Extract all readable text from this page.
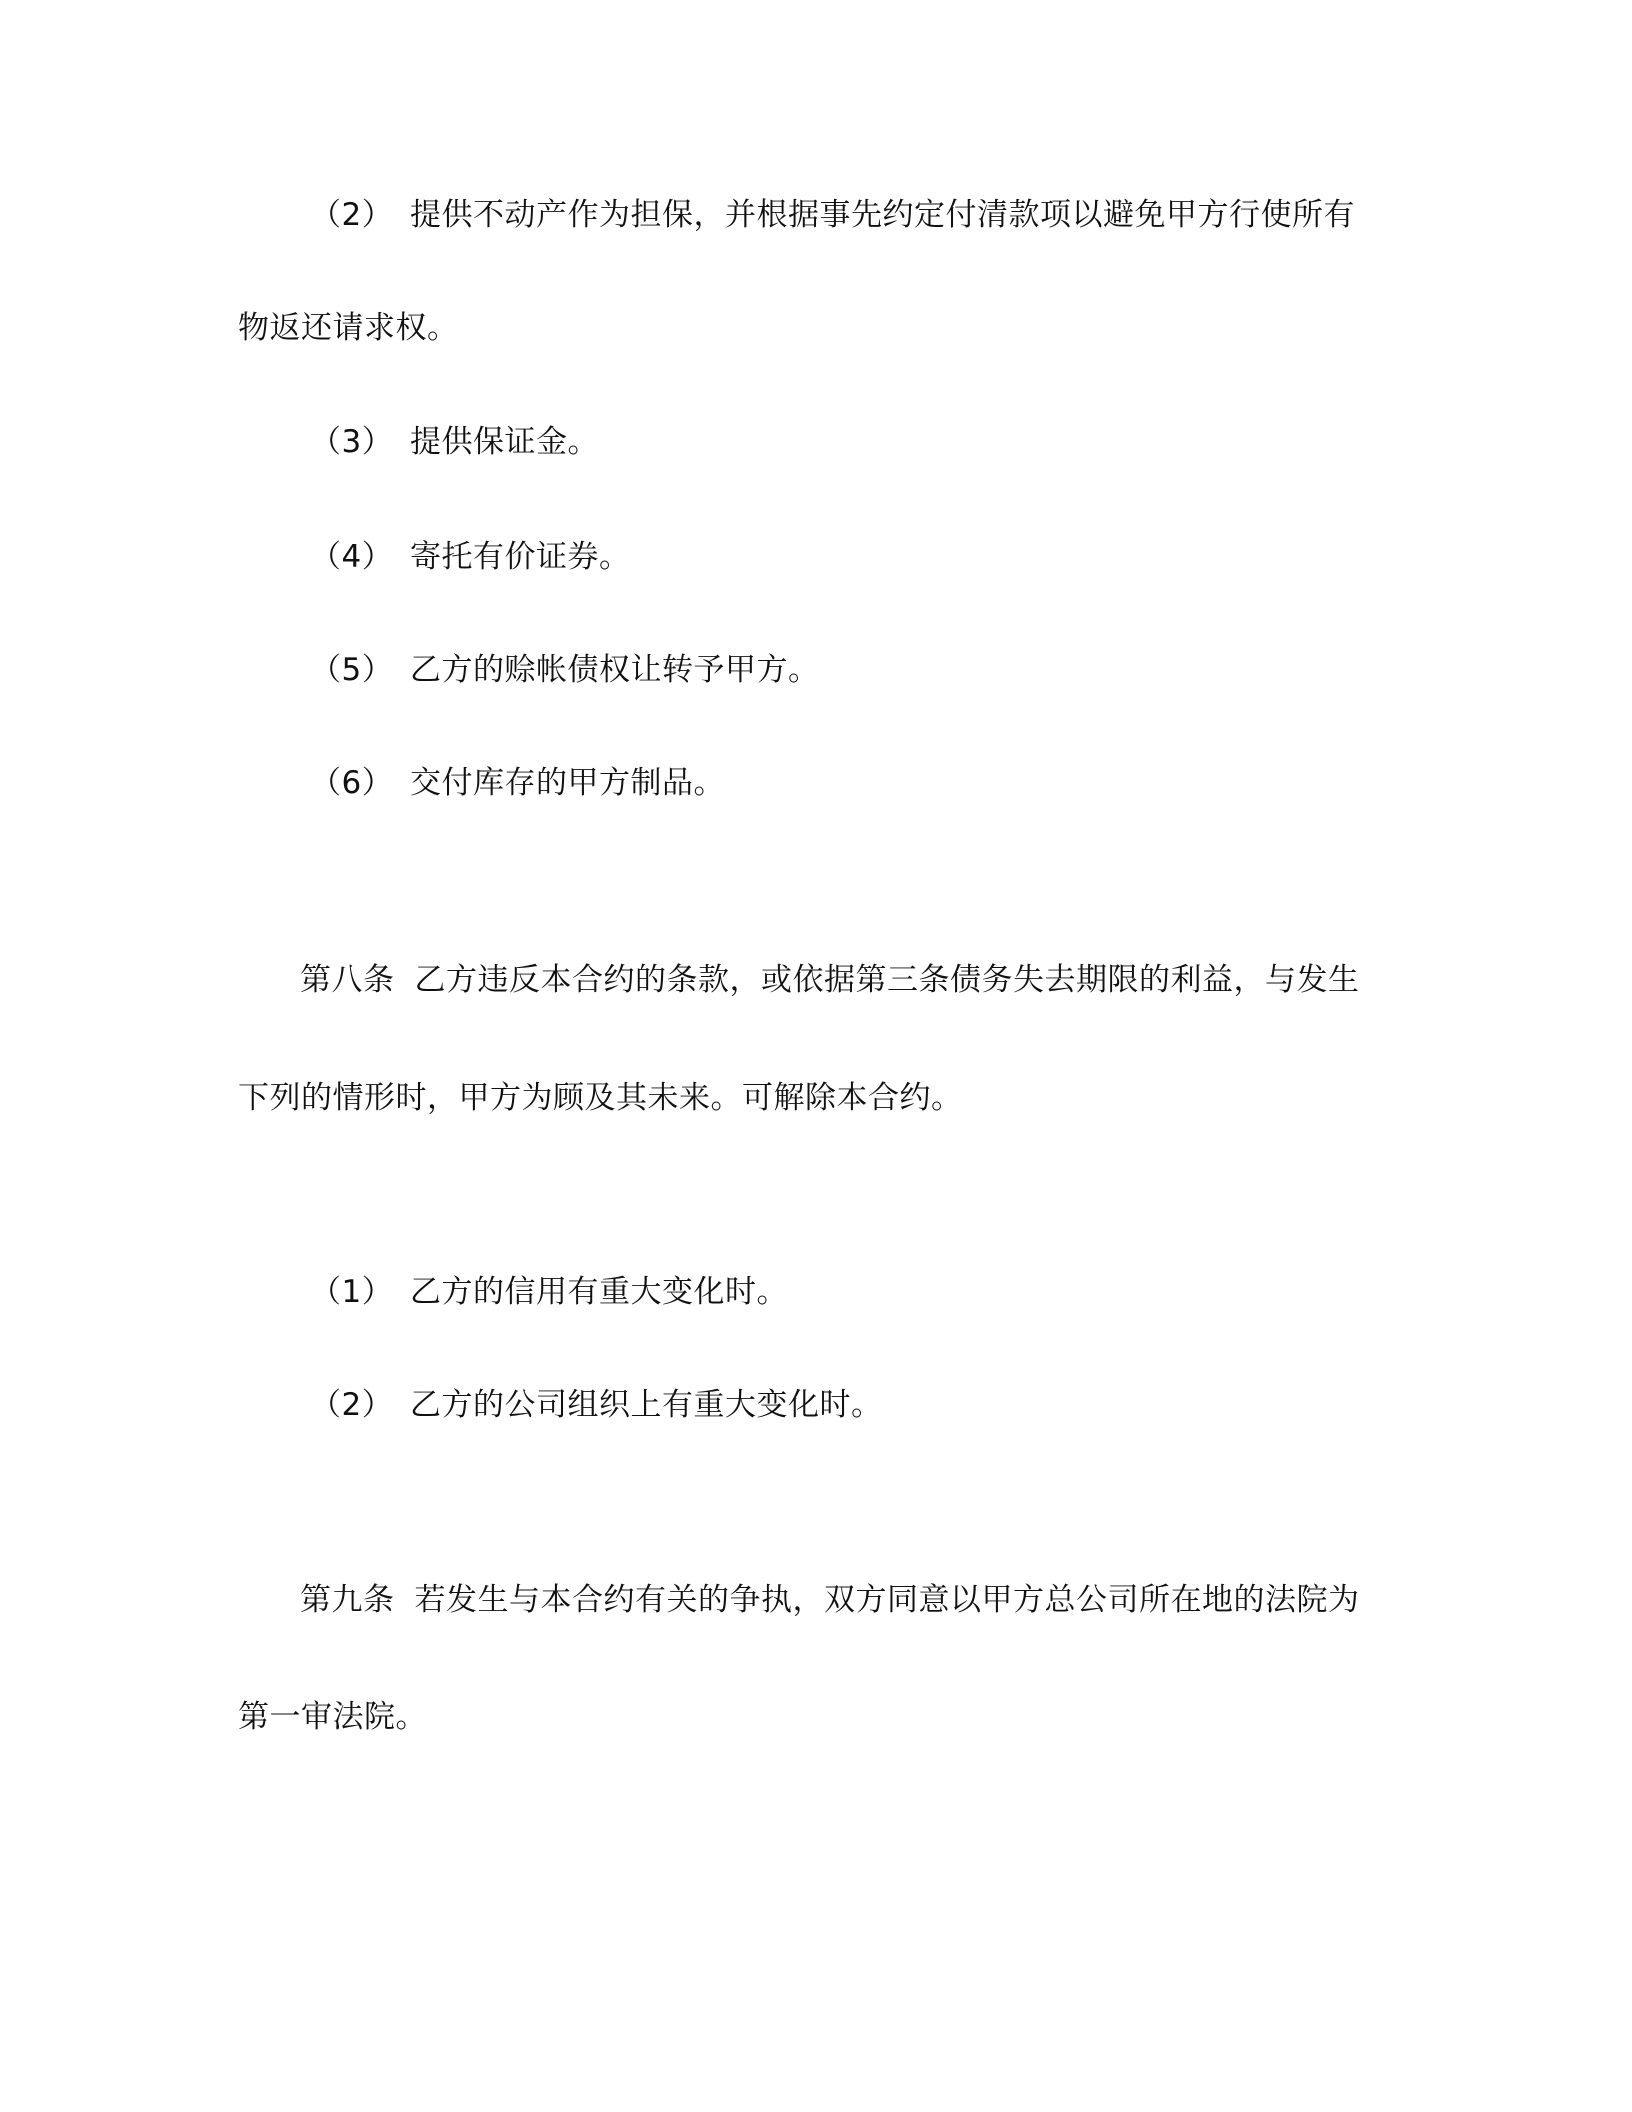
（2） 提供不动产作为担保，并根据事先约定付清款项以避免甲方行使所有
物返还请求权。
（3） 提供保证金。
（4） 寄托有价证券。
（5） 乙方的赊帐债权让转予甲方。
（6） 交付库存的甲方制品。
第八条 乙方违反本合约的条款，或依据第三条债务失去期限的利益，与发生
下列的情形时，甲方为顾及其未来。可解除本合约。
（1） 乙方的信用有重大变化时。
（2） 乙方的公司组织上有重大变化时。
第九条 若发生与本合约有关的争执，双方同意以甲方总公司所在地的法院为
第一审法院。
